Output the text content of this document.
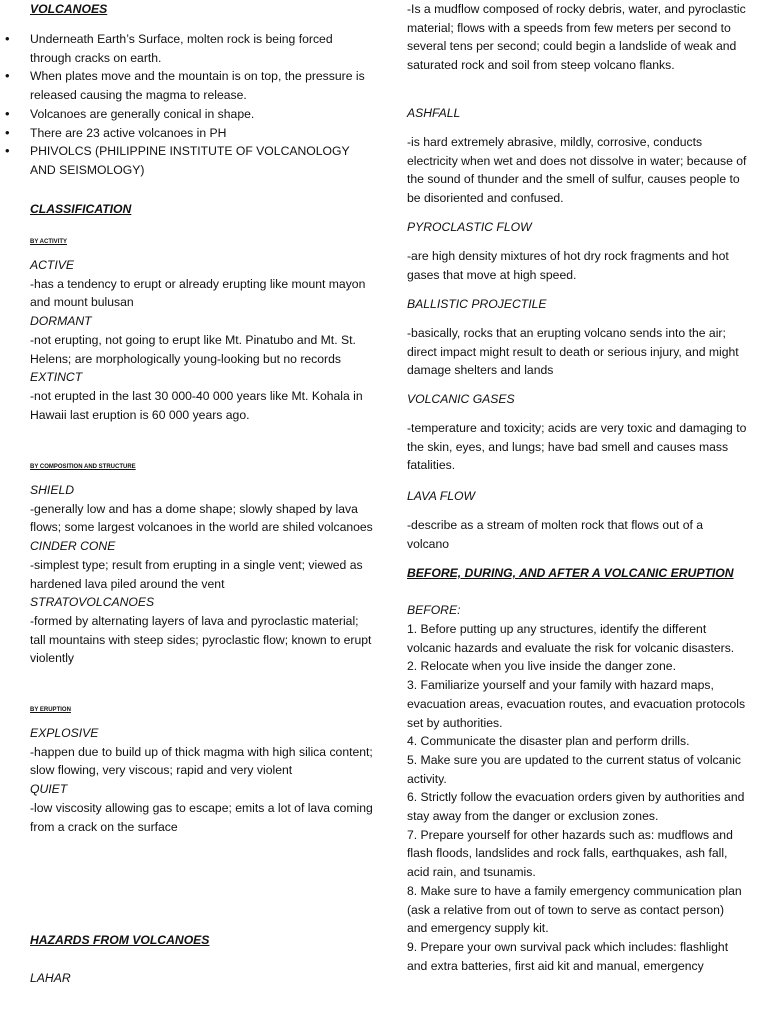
VOLCANOES
• Underneath Earth’s Surface, molten rock is being forced through cracks on earth.
• When plates move and the mountain is on top, the pressure is released causing the magma to release.
• Volcanoes are generally conical in shape.
• There are 23 active volcanoes in PH
• PHIVOLCS (PHILIPPINE INSTITUTE OF VOLCANOLOGY AND SEISMOLOGY)
CLASSIFICATION
BY ACTIVITY
ACTIVE

-has a tendency to erupt or already erupting like mount mayon and mount bulusan

DORMANT

-not erupting, not going to erupt like Mt. Pinatubo and Mt. St. Helens; are morphologically young-looking but no records

EXTINCT

-not erupted in the last 30 000-40 000 years like Mt. Kohala in Hawaii last eruption is 60 000 years ago.

BY COMPOSITION AND STRUCTURE
SHIELD

-generally low and has a dome shape; slowly shaped by lava flows; some largest volcanoes in the world are shiled volcanoes

CINDER CONE

-simplest type; result from erupting in a single vent; viewed as hardened lava piled around the vent

STRATOVOLCANOES

-formed by alternating layers of lava and pyroclastic material; tall mountains with steep sides; pyroclastic flow; known to erupt violently

BY ERUPTION
EXPLOSIVE

-happen due to build up of thick magma with high silica content; slow flowing, very viscous; rapid and very violent

QUIET

-low viscosity allowing gas to escape; emits a lot of lava coming from a crack on the surface

HAZARDS FROM VOLCANOES
LAHAR

-Is a mudflow composed of rocky debris, water, and pyroclastic material; flows with a speeds from few meters per second to several tens per second; could begin a landslide of weak and saturated rock and soil from steep volcano flanks.

ASHFALL

-is hard extremely abrasive, mildly, corrosive, conducts electricity when wet and does not dissolve in water; because of the sound of thunder and the smell of sulfur, causes people to be disoriented and confused.

PYROCLASTIC FLOW

-are high density mixtures of hot dry rock fragments and hot gases that move at high speed.

BALLISTIC PROJECTILE

-basically, rocks that an erupting volcano sends into the air; direct impact might result to death or serious injury, and might damage shelters and lands

VOLCANIC GASES

-temperature and toxicity; acids are very toxic and damaging to the skin, eyes, and lungs; have bad smell and causes mass fatalities.

LAVA FLOW

-describe as a stream of molten rock that flows out of a volcano

BEFORE, DURING, AND AFTER A VOLCANIC ERUPTION
BEFORE:
1. Before putting up any structures, identify the different volcanic hazards and evaluate the risk for volcanic disasters.
2. Relocate when you live inside the danger zone.
3. Familiarize yourself and your family with hazard maps, evacuation areas, evacuation routes, and evacuation protocols set by authorities.
4. Communicate the disaster plan and perform drills.
5. Make sure you are updated to the current status of volcanic activity.
6. Strictly follow the evacuation orders given by authorities and stay away from the danger or exclusion zones.
7. Prepare yourself for other hazards such as: mudflows and flash floods, landslides and rock falls, earthquakes, ash fall, acid rain, and tsunamis.
8. Make sure to have a family emergency communication plan (ask a relative from out of town to serve as contact person) and emergency supply kit.
9. Prepare your own survival pack which includes: flashlight and extra batteries, first aid kit and manual, emergency
